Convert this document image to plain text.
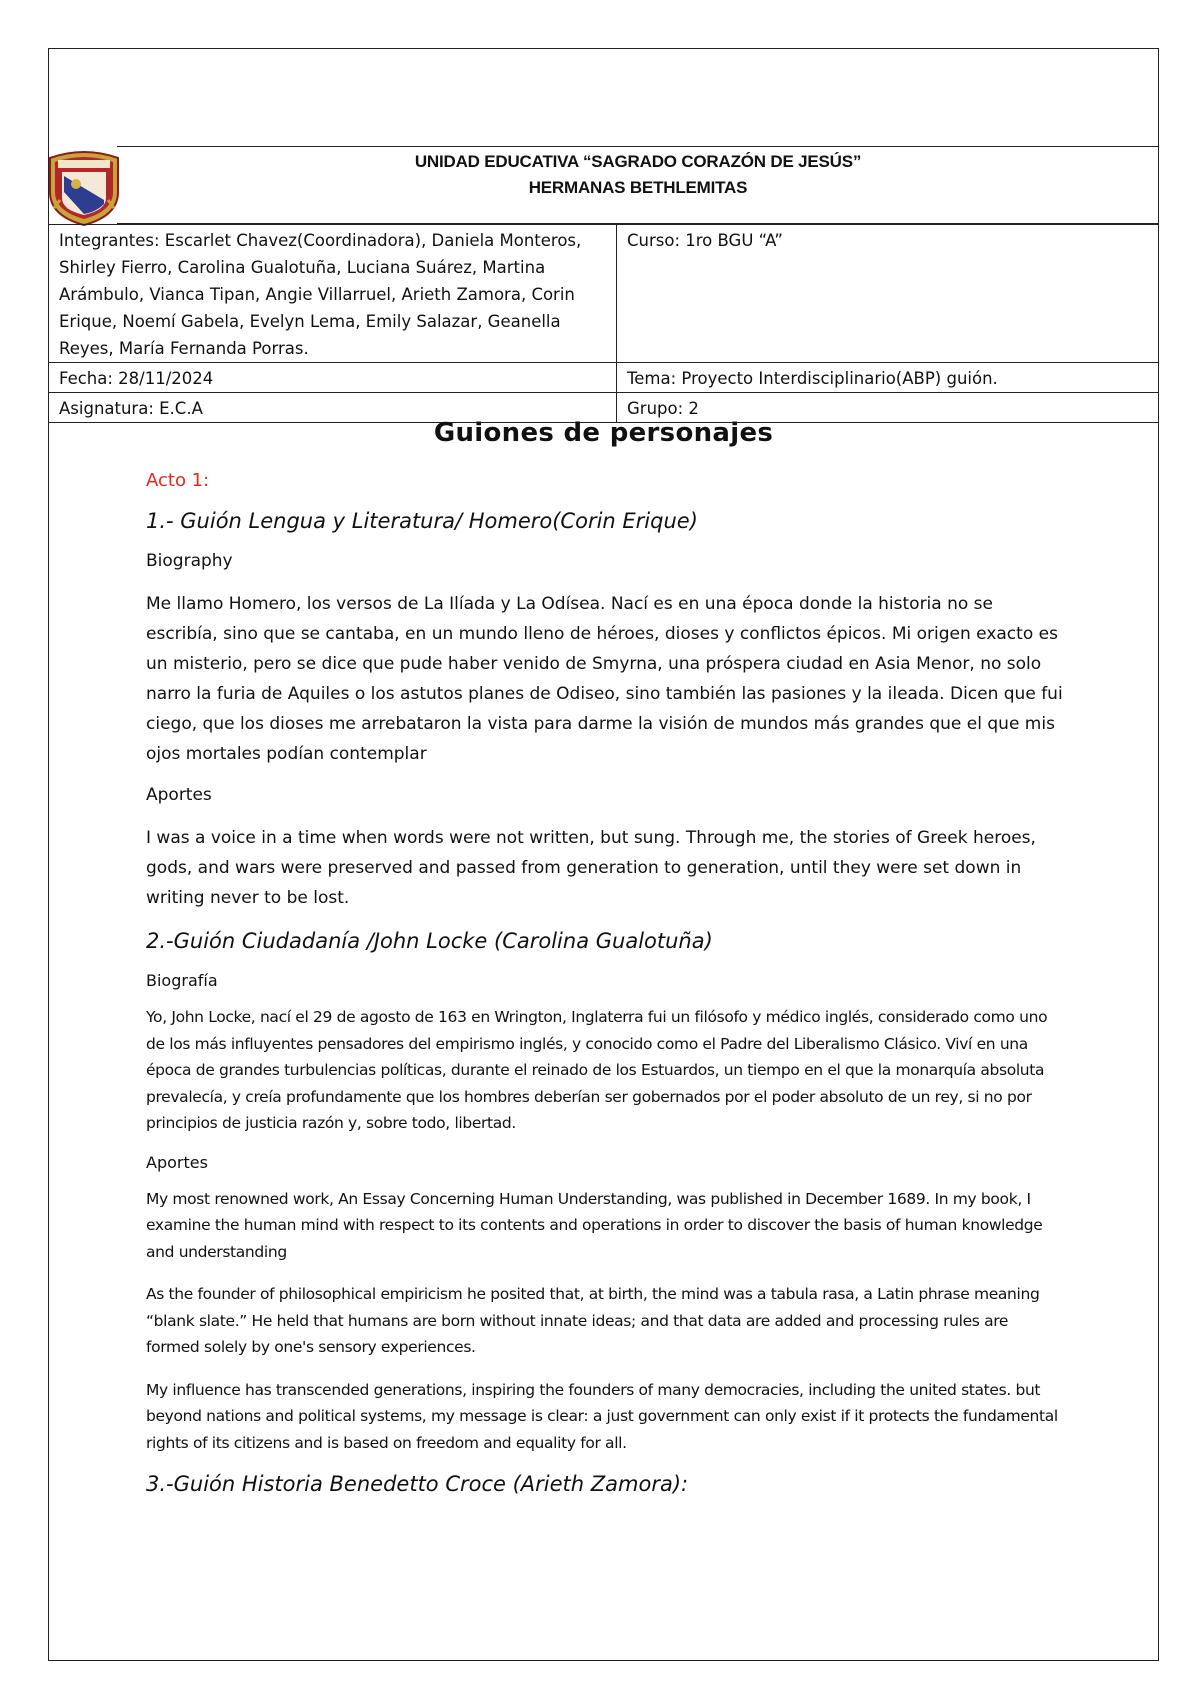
UNIDAD EDUCATIVA “SAGRADO CORAZÓN DE JESÚS”
HERMANAS BETHLEMITAS
Integrantes: Escarlet Chavez(Coordinadora), Daniela Monteros, Shirley Fierro, Carolina Gualotuña, Luciana Suárez, Martina Arámbulo, Vianca Tipan, Angie Villarruel, Arieth Zamora, Corin Erique, Noemí Gabela, Evelyn Lema, Emily Salazar, Geanella Reyes, María Fernanda Porras.	Curso: 1ro BGU “A”
Fecha: 28/11/2024	Tema: Proyecto Interdisciplinario(ABP) guión.
Asignatura: E.C.A	Grupo: 2
Guiones de personajes

Acto 1:

1.- Guión Lengua y Literatura/ Homero(Corin Erique)

Biography

Me llamo Homero, los versos de La Ilíada y La Odísea. Nací es en una época donde la historia no se escribía, sino que se cantaba, en un mundo lleno de héroes, dioses y conflictos épicos. Mi origen exacto es un misterio, pero se dice que pude haber venido de Smyrna, una próspera ciudad en Asia Menor, no solo narro la furia de Aquiles o los astutos planes de Odiseo, sino también las pasiones y la ileada. Dicen que fui ciego, que los dioses me arrebataron la vista para darme la visión de mundos más grandes que el que mis ojos mortales podían contemplar

Aportes

I was a voice in a time when words were not written, but sung. Through me, the stories of Greek heroes, gods, and wars were preserved and passed from generation to generation, until they were set down in writing never to be lost.

2.-Guión Ciudadanía /John Locke (Carolina Gualotuña)

Biografía

Yo, John Locke, nací el 29 de agosto de 163 en Wrington, Inglaterra fui un filósofo y médico inglés, considerado como uno de los más influyentes pensadores del empirismo inglés, y conocido como el Padre del Liberalismo Clásico. Viví en una época de grandes turbulencias políticas, durante el reinado de los Estuardos, un tiempo en el que la monarquía absoluta prevalecía, y creía profundamente que los hombres deberían ser gobernados por el poder absoluto de un rey, si no por principios de justicia razón y, sobre todo, libertad.

Aportes

My most renowned work, An Essay Concerning Human Understanding, was published in December 1689. In my book, I examine the human mind with respect to its contents and operations in order to discover the basis of human knowledge and understanding

As the founder of philosophical empiricism he posited that, at birth, the mind was a tabula rasa, a Latin phrase meaning “blank slate.” He held that humans are born without innate ideas; and that data are added and processing rules are formed solely by one's sensory experiences.

My influence has transcended generations, inspiring the founders of many democracies, including the united states. but beyond nations and political systems, my message is clear: a just government can only exist if it protects the fundamental rights of its citizens and is based on freedom and equality for all.

3.-Guión Historia Benedetto Croce (Arieth Zamora):
